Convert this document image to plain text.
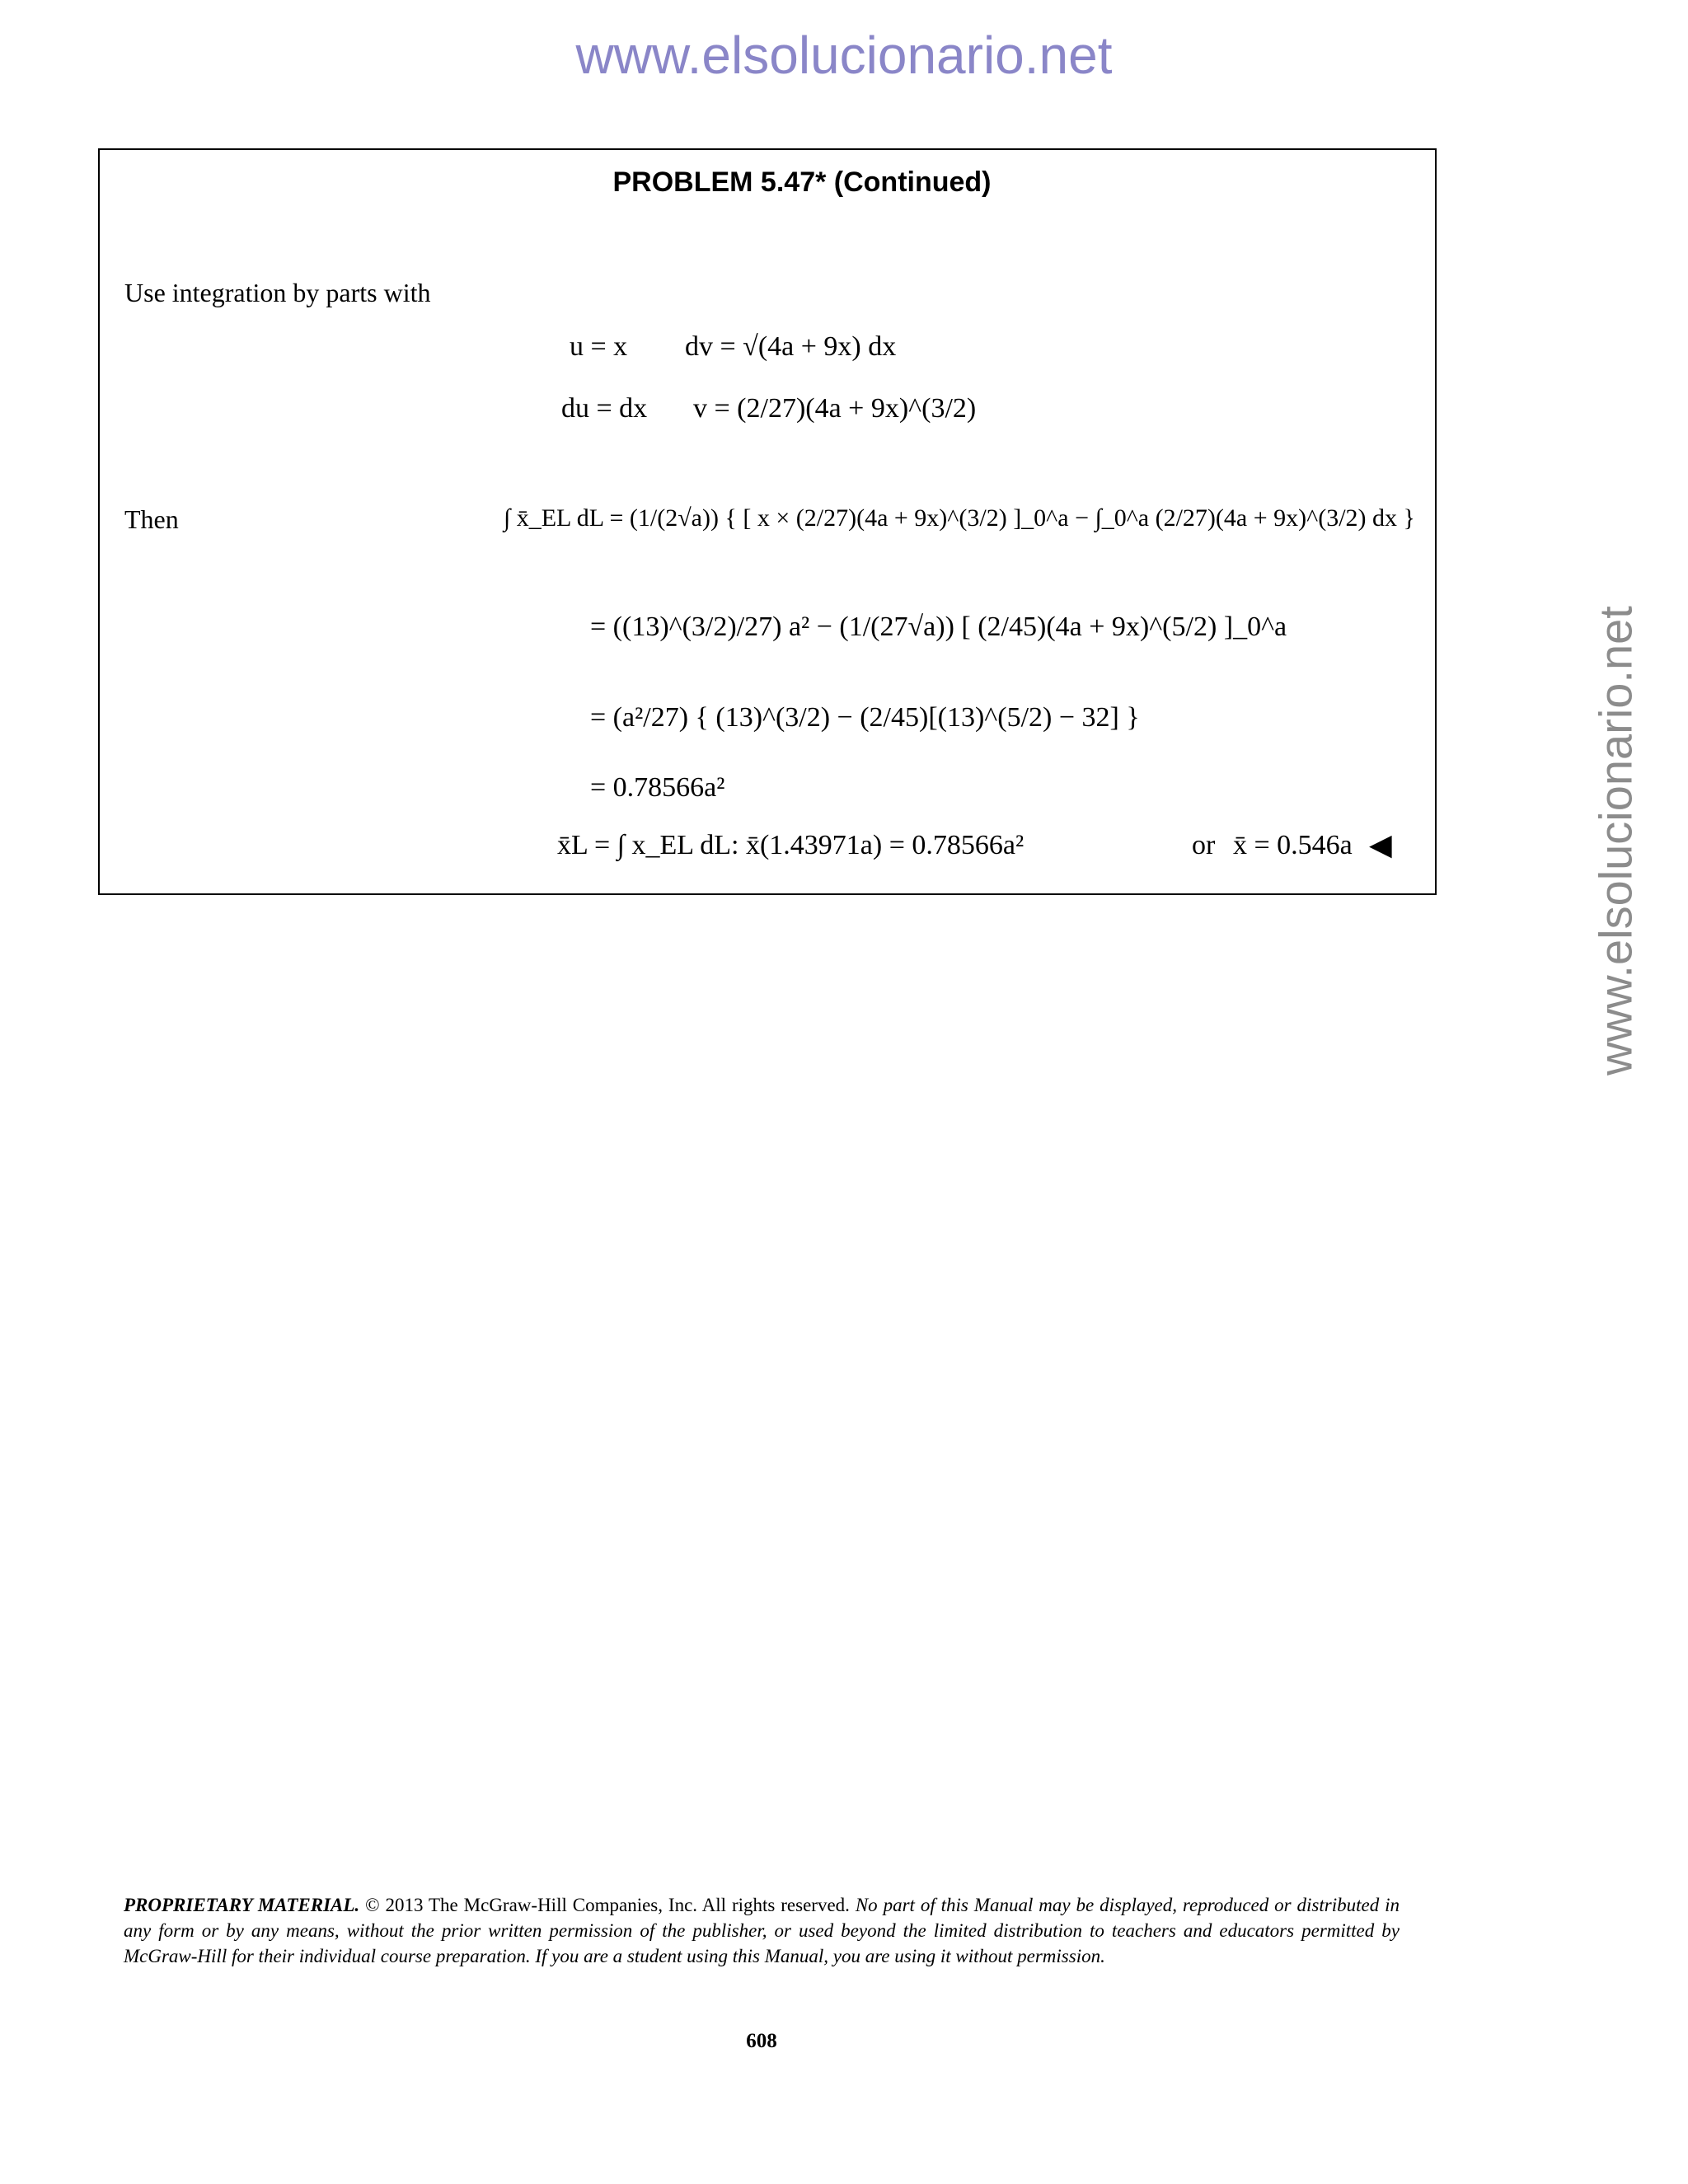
www.elsolucionario.net
www.elsolucionario.net
PROBLEM 5.47* (Continued)
Use integration by parts with
u = x dv = √(4a + 9x) dx
du = dx v = (2/27)(4a + 9x)^(3/2)
Then	∫ x̄_EL dL = (1/(2√a)) { [ x × (2/27)(4a + 9x)^(3/2) ]_0^a − ∫_0^a (2/27)(4a + 9x)^(3/2) dx }
= ((13)^(3/2)/27) a² − (1/(27√a)) [ (2/45)(4a + 9x)^(5/2) ]_0^a
= (a²/27) { (13)^(3/2) − (2/45)[(13)^(5/2) − 32] }
= 0.78566a²
x̄L = ∫ x_EL dL: x̄(1.43971a) = 0.78566a²	or x̄ = 0.546a ◀
PROPRIETARY MATERIAL. © 2013 The McGraw-Hill Companies, Inc. All rights reserved. No part of this Manual may be displayed, reproduced or distributed in any form or by any means, without the prior written permission of the publisher, or used beyond the limited distribution to teachers and educators permitted by McGraw-Hill for their individual course preparation. If you are a student using this Manual, you are using it without permission.
608
